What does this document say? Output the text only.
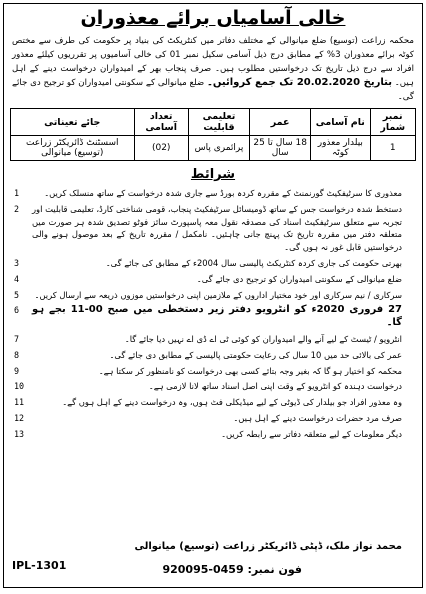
خالی آسامیاں برائے معذوران
محکمہ زراعت (توسیع) ضلع میانوالی کے مختلف دفاتر میں کنٹریکٹ کی بنیاد پر حکومت کی طرف سے مختص کوٹہ برائے معذوران 3% کے مطابق درج ذیل آسامی سکیل نمبر 01 کی خالی آسامیوں پر تقرریوں کیلئے معذور افراد سے درج ذیل تاریخ تک درخواستیں مطلوب ہیں۔ صرف پنجاب بھر کے امیدواران درخواست دینے کے اہل ہیں۔ بتاریخ 20.02.2020 تک جمع کروائیں۔ ضلع میانوالی کے سکونتی امیدواران کو ترجیح دی جائے گی۔
نمبر شمار	نام آسامی	عمر	تعلیمی قابلیت	تعداد آسامی	جائے تعیناتی
1	بیلدار معذور کوٹہ	18 سال تا 25 سال	پرائمری پاس	(02)	اسسٹنٹ ڈائریکٹر زراعت (توسیع) میانوالی
شرائط
معذوری کا سرٹیفکیٹ گورنمنٹ کے مقررہ کردہ بورڈ سے جاری شدہ درخواست کے ساتھ منسلک کریں۔
1
دستخط شدہ درخواست جس کے ساتھ ڈومیسائل سرٹیفکیٹ پنجاب، قومی شناختی کارڈ، تعلیمی قابلیت اور تجربہ سے متعلق سرٹیفکیٹ اسناد کی مصدقہ نقول معہ پاسپورٹ سائز فوٹو تصدیق شدہ ہر صورت میں متعلقہ دفتر میں مقررہ تاریخ تک پہنچ جانی چاہئیں۔ نامکمل / مقررہ تاریخ کے بعد موصول ہونے والی درخواستیں قابل غور نہ ہوں گی۔
2
بھرتی حکومت کی جاری کردہ کنٹریکٹ پالیسی سال 2004ء کے مطابق کی جائے گی۔
3
ضلع میانوالی کے سکونتی امیدواران کو ترجیح دی جائے گی۔
4
سرکاری / نیم سرکاری اور خود مختیار اداروں کے ملازمین اپنی درخواستیں موزوں ذریعہ سے ارسال کریں۔
5
27 فروری 2020ء کو انٹرویو دفتر زیر دستخطی میں صبح 00-11 بجے ہو گا۔
6
انٹرویو / ٹیسٹ کے لیے آنے والے امیدواران کو کوئی ٹی اے ڈی اے نہیں دیا جائے گا۔
7
عمر کی بالائی حد میں 10 سال کی رعایت حکومتی پالیسی کے مطابق دی جائے گی۔
8
محکمہ کو اختیار ہو گا کہ بغیر وجہ بتائے کسی بھی درخواست کو نامنظور کر سکتا ہے۔
9
درخواست دہندہ کو انٹرویو کے وقت اپنی اصل اسناد ساتھ لانا لازمی ہے۔
10
وہ معذور افراد جو بیلدار کی ڈیوٹی کے لیے میڈیکلی فٹ ہوں، وہ درخواست دینے کے اہل ہوں گے۔
11
صرف مرد حضرات درخواست دینے کے اہل ہیں۔
12
دیگر معلومات کے لیے متعلقہ دفاتر سے رابطہ کریں۔
13
محمد نواز ملک، ڈپٹی ڈائریکٹر زراعت (توسیع) میانوالی
فون نمبر: 0459-920095
IPL-1301
